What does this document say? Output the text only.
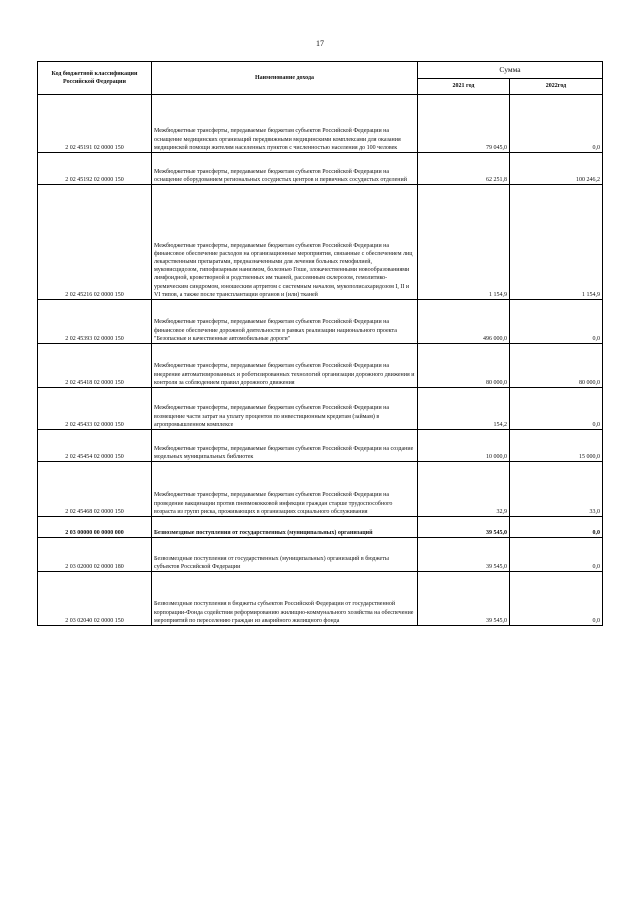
17
Код бюджетной классификации Российской Федерации	Наименование дохода	Сумма	
		2021 год	2022год
2 02 45191 02 0000 150	Межбюджетные трансферты, передаваемые бюджетам субъектов Российской Федерации на оснащение медицинских организаций передвижными медицинскими комплексами для оказания медицинской помощи жителям населенных пунктов с численностью населения до 100 человек	79 045,0	0,0
2 02 45192 02 0000 150	Межбюджетные трансферты, передаваемые бюджетам субъектов Российской Федерации на оснащение оборудованием региональных сосудистых центров и первичных сосудистых отделений	62 251,8	100 246,2
2 02 45216 02 0000 150	Межбюджетные трансферты, передаваемые бюджетам субъектов Российской Федерации на финансовое обеспечение расходов на организационные мероприятия, связанные с обеспечением лиц лекарственными препаратами, предназначенными для лечения больных гемофилией, муковисцидозом, гипофизарным нанизмом, болезнью Гоше, злокачественными новообразованиями лимфоидной, кроветворной и родственных им тканей, рассеянным склерозом, гемолитико-уремическим синдромом, юношеским артритом с системным началом, мукополисахаридозом I, II и VI типов, а также после трансплантации органов и (или) тканей	1 154,9	1 154,9
2 02 45393 02 0000 150	Межбюджетные трансферты, передаваемые бюджетам субъектов Российской Федерации на финансовое обеспечение дорожной деятельности в рамках реализации национального проекта "Безопасные и качественные автомобильные дороги"	496 000,0	0,0
2 02 45418 02 0000 150	Межбюджетные трансферты, передаваемые бюджетам субъектов Российской Федерации на внедрение автоматизированных и роботизированных технологий организации дорожного движения и контроля за соблюдением правил дорожного движения	80 000,0	80 000,0
2 02 45433 02 0000 150	Межбюджетные трансферты, передаваемые бюджетам субъектов Российской Федерации на возмещение части затрат на уплату процентов по инвестиционным кредитам (займам) в агропромышленном комплексе	154,2	0,0
2 02 45454 02 0000 150	Межбюджетные трансферты, передаваемые бюджетам субъектов Российской Федерации на создание модельных муниципальных библиотек	10 000,0	15 000,0
2 02 45468 02 0000 150	Межбюджетные трансферты, передаваемые бюджетам субъектов Российской Федерации на проведение вакцинации против пневмококковой инфекции граждан старше трудоспособного возраста из групп риска, проживающих в организациях социального обслуживания	32,9	33,0
2 03 00000 00 0000 000	Безвозмездные поступления от государственных (муниципальных) организаций	39 545,0	0,0
2 03 02000 02 0000 180	Безвозмездные поступления от государственных (муниципальных) организаций в бюджеты субъектов Российской Федерации	39 545,0	0,0
2 03 02040 02 0000 150	Безвозмездные поступления в бюджеты субъектов Российской Федерации от государственной корпорации-Фонда содействия реформированию жилищно-коммунального хозяйства на обеспечение мероприятий по переселению граждан из аварийного жилищного фонда	39 545,0	0,0
